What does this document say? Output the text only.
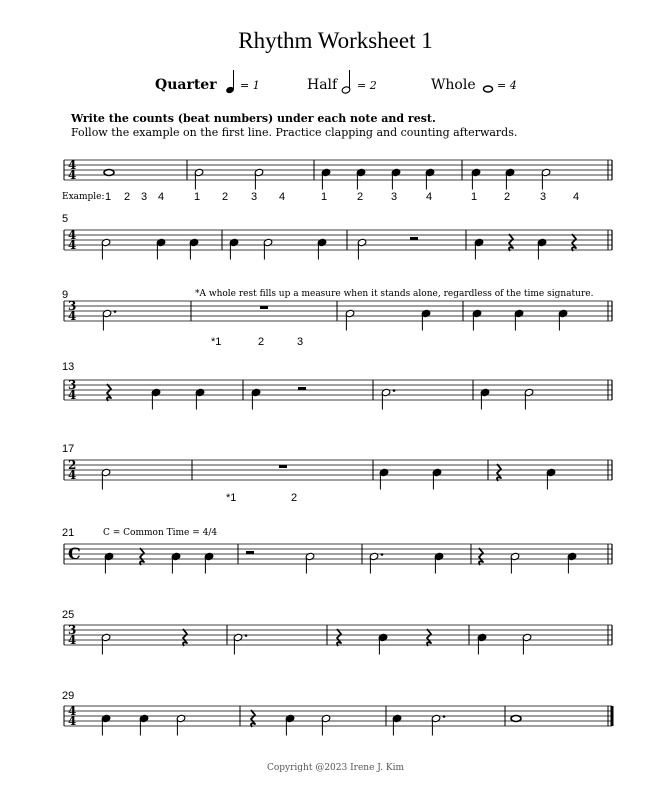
Rhythm Worksheet 1
Quarter = 1	Half = 2	Whole = 4
Write the counts (beat numbers) under each note and rest.
Follow the example on the first line. Practice clapping and counting afterwards.
Example: 1 2 3 4	1 2 3 4	1	2	3	4	1 2	3 4
5
9
13
17
21
25
29
*A whole rest fills up a measure when it stands alone, regardless of the time signature.
C = Common Time = 4/4
*1	2	3
*1	2
Copyright @2023 Irene J. Kim
4
4
4
4
3
4
3
4
2
4
C
3
4
4
4
